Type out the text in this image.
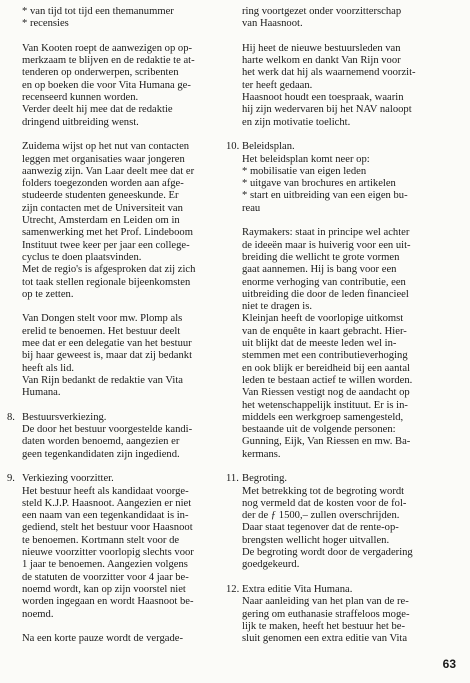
* van tijd tot tijd een themanummer
* recensies
Van Kooten roept de aanwezigen op op-
merkzaam te blijven en de redaktie te at-
tenderen op onderwerpen, scribenten
en op boeken die voor Vita Humana ge-
recenseerd kunnen worden.
Verder deelt hij mee dat de redaktie
dringend uitbreiding wenst.
Zuidema wijst op het nut van contacten
leggen met organisaties waar jongeren
aanwezig zijn. Van Laar deelt mee dat er
folders toegezonden worden aan afge-
studeerde studenten geneeskunde. Er
zijn contacten met de Universiteit van
Utrecht, Amsterdam en Leiden om in
samenwerking met het Prof. Lindeboom
Instituut twee keer per jaar een college-
cyclus te doen plaatsvinden.
Met de regio's is afgesproken dat zij zich
tot taak stellen regionale bijeenkomsten
op te zetten.
Van Dongen stelt voor mw. Plomp als
erelid te benoemen. Het bestuur deelt
mee dat er een delegatie van het bestuur
bij haar geweest is, maar dat zij bedankt
heeft als lid.
Van Rijn bedankt de redaktie van Vita
Humana.
8. Bestuursverkiezing.
De door het bestuur voorgestelde kandi-
daten worden benoemd, aangezien er
geen tegenkandidaten zijn ingediend.
9. Verkiezing voorzitter.
Het bestuur heeft als kandidaat voorge-
steld K.J.P. Haasnoot. Aangezien er niet
een naam van een tegenkandidaat is in-
gediend, stelt het bestuur voor Haasnoot
te benoemen. Kortmann stelt voor de
nieuwe voorzitter voorlopig slechts voor
1 jaar te benoemen. Aangezien volgens
de statuten de voorzitter voor 4 jaar be-
noemd wordt, kan op zijn voorstel niet
worden ingegaan en wordt Haasnoot be-
noemd.
Na een korte pauze wordt de vergade-
ring voortgezet onder voorzitterschap
van Haasnoot.
Hij heet de nieuwe bestuursleden van
harte welkom en dankt Van Rijn voor
het werk dat hij als waarnemend voorzit-
ter heeft gedaan.
Haasnoot houdt een toespraak, waarin
hij zijn wedervaren bij het NAV naloopt
en zijn motivatie toelicht.
10. Beleidsplan.
Het beleidsplan komt neer op:
* mobilisatie van eigen leden
* uitgave van brochures en artikelen
* start en uitbreiding van een eigen bu-
reau
Raymakers: staat in principe wel achter
de ideeën maar is huiverig voor een uit-
breiding die wellicht te grote vormen
gaat aannemen. Hij is bang voor een
enorme verhoging van contributie, een
uitbreiding die door de leden financieel
niet te dragen is.
Kleinjan heeft de voorlopige uitkomst
van de enquête in kaart gebracht. Hier-
uit blijkt dat de meeste leden wel in-
stemmen met een contributieverhoging
en ook blijk er bereidheid bij een aantal
leden te bestaan actief te willen worden.
Van Riessen vestigt nog de aandacht op
het wetenschappelijk instituut. Er is in-
middels een werkgroep samengesteld,
bestaande uit de volgende personen:
Gunning, Eijk, Van Riessen en mw. Ba-
kermans.
11. Begroting.
Met betrekking tot de begroting wordt
nog vermeld dat de kosten voor de fol-
der de ƒ 1500,– zullen overschrijden.
Daar staat tegenover dat de rente-op-
brengsten wellicht hoger uitvallen.
De begroting wordt door de vergadering
goedgekeurd.
12. Extra editie Vita Humana.
Naar aanleiding van het plan van de re-
gering om euthanasie straffeloos moge-
lijk te maken, heeft het bestuur het be-
sluit genomen een extra editie van Vita
63
